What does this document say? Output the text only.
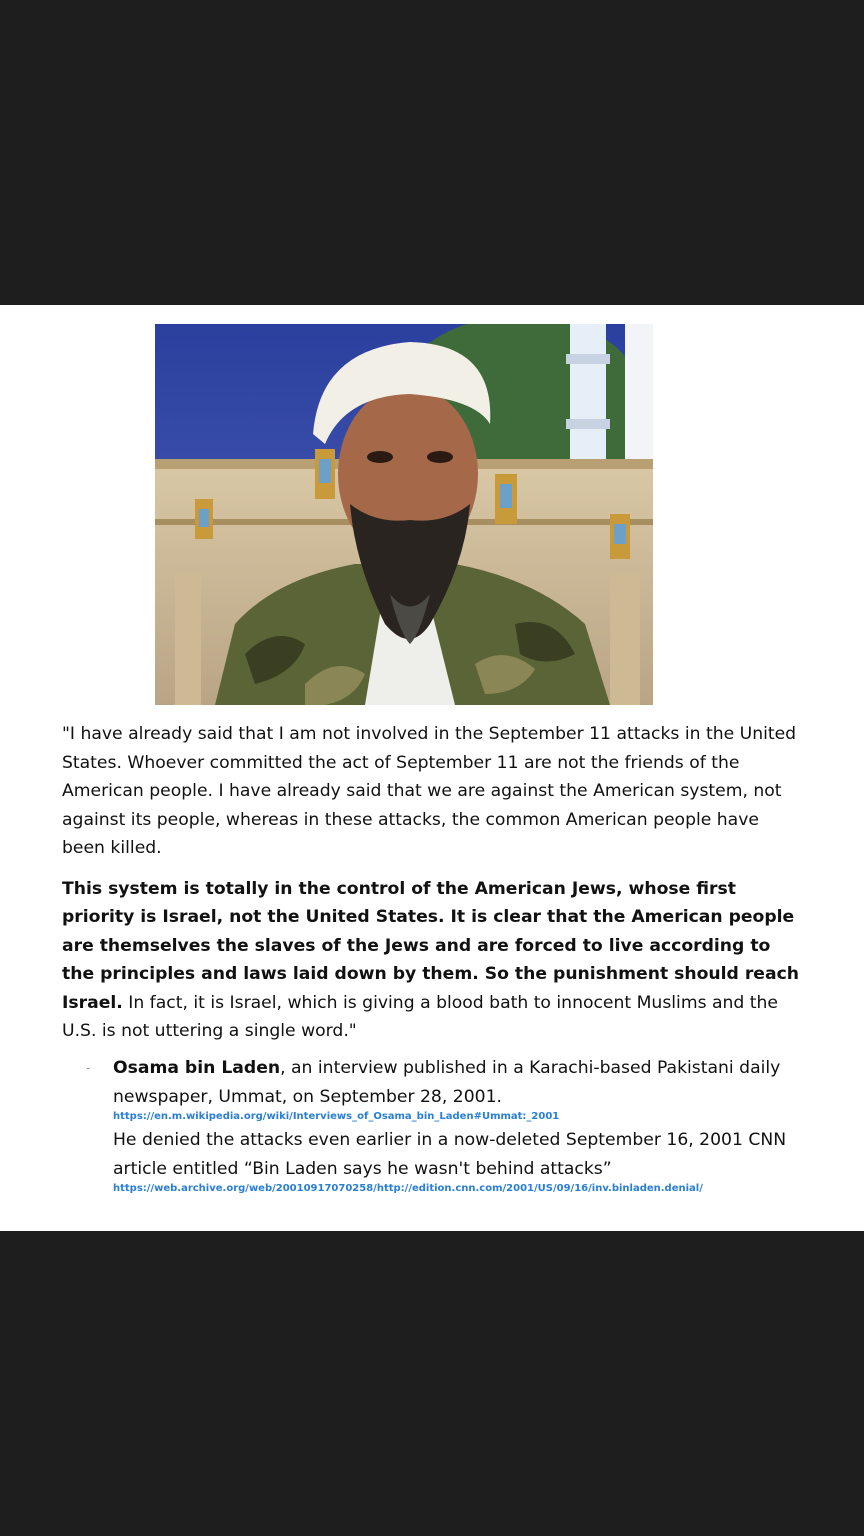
"I have already said that I am not involved in the September 11 attacks in the United States. Whoever committed the act of September 11 are not the friends of the American people. I have already said that we are against the American system, not against its people, whereas in these attacks, the common American people have been killed.

This system is totally in the control of the American Jews, whose first priority is Israel, not the United States. It is clear that the American people are themselves the slaves of the Jews and are forced to live according to the principles and laws laid down by them. So the punishment should reach Israel. In fact, it is Israel, which is giving a blood bath to innocent Muslims and the U.S. is not uttering a single word."

- Osama bin Laden, an interview published in a Karachi-based Pakistani daily newspaper, Ummat, on September 28, 2001.

https://en.m.wikipedia.org/wiki/Interviews_of_Osama_bin_Laden#Ummat:_2001

He denied the attacks even earlier in a now-deleted September 16, 2001 CNN article entitled “Bin Laden says he wasn't behind attacks”

https://web.archive.org/web/20010917070258/http://edition.cnn.com/2001/US/09/16/inv.binladen.denial/
